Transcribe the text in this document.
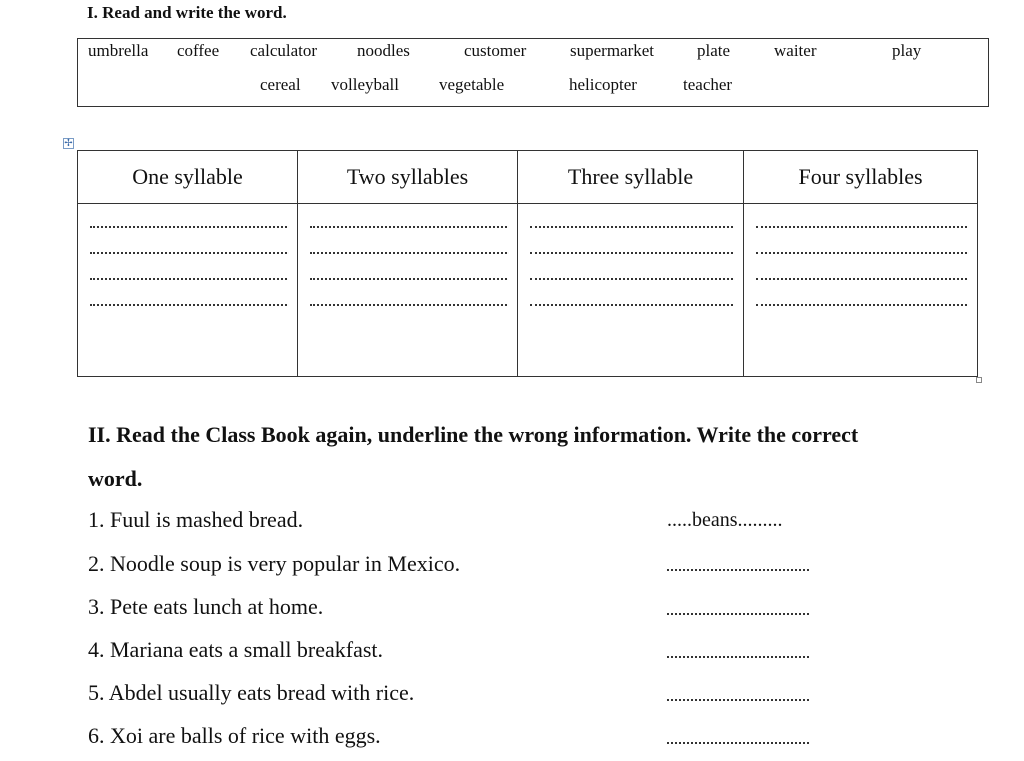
I. Read and write the word.
umbrella coffee calculator noodles	customer	supermarket	plate	waiter	play
cereal volleyball vegetable	helicopter	teacher
✢
One syllable	Two syllables	Three syllable	Four syllables

II. Read the Class Book again, underline the wrong information. Write the correct
word.
1. Fuul is mashed bread.	.....beans.........
2. Noodle soup is very popular in Mexico.
3. Pete eats lunch at home.
4. Mariana eats a small breakfast.
5. Abdel usually eats bread with rice.
6. Xoi are balls of rice with eggs.
